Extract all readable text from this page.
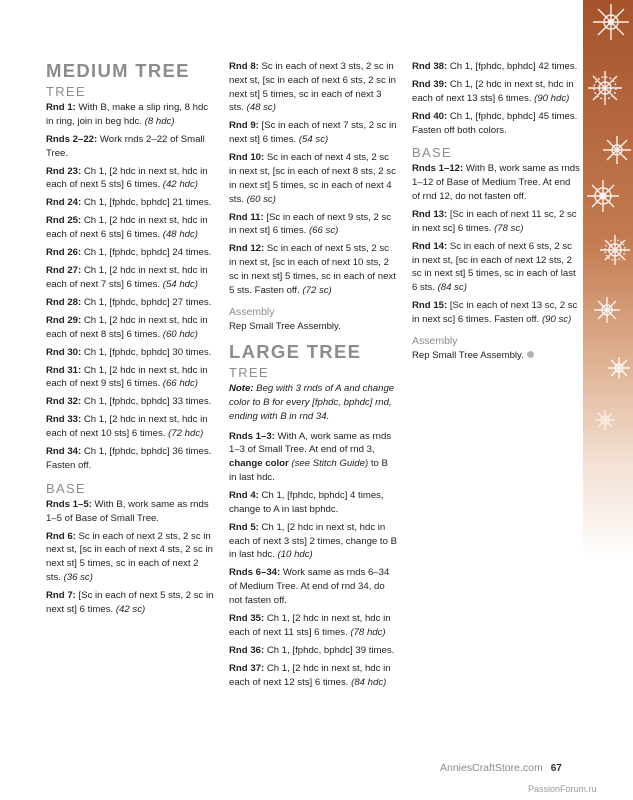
MEDIUM TREE
TREE
Rnd 1: With B, make a slip ring, 8 hdc in ring, join in beg hdc. (8 hdc)
Rnds 2–22: Work rnds 2–22 of Small Tree.
Rnd 23: Ch 1, [2 hdc in next st, hdc in each of next 5 sts] 6 times. (42 hdc)
Rnd 24: Ch 1, [fphdc, bphdc] 21 times.
Rnd 25: Ch 1, [2 hdc in next st, hdc in each of next 6 sts] 6 times. (48 hdc)
Rnd 26: Ch 1, [fphdc, bphdc] 24 times.
Rnd 27: Ch 1, [2 hdc in next st, hdc in each of next 7 sts] 6 times. (54 hdc)
Rnd 28: Ch 1, [fphdc, bphdc] 27 times.
Rnd 29: Ch 1, [2 hdc in next st, hdc in each of next 8 sts] 6 times. (60 hdc)
Rnd 30: Ch 1, [fphdc, bphdc] 30 times.
Rnd 31: Ch 1, [2 hdc in next st, hdc in each of next 9 sts] 6 times. (66 hdc)
Rnd 32: Ch 1, [fphdc, bphdc] 33 times.
Rnd 33: Ch 1, [2 hdc in next st, hdc in each of next 10 sts] 6 times. (72 hdc)
Rnd 34: Ch 1, [fphdc, bphdc] 36 times. Fasten off.
BASE
Rnds 1–5: With B, work same as rnds 1–5 of Base of Small Tree.
Rnd 6: Sc in each of next 2 sts, 2 sc in next st, [sc in each of next 4 sts, 2 sc in next st] 5 times, sc in each of next 2 sts. (36 sc)
Rnd 7: [Sc in each of next 5 sts, 2 sc in next st] 6 times. (42 sc)
Rnd 8: Sc in each of next 3 sts, 2 sc in next st, [sc in each of next 6 sts, 2 sc in next st] 5 times, sc in each of next 3 sts. (48 sc)
Rnd 9: [Sc in each of next 7 sts, 2 sc in next st] 6 times. (54 sc)
Rnd 10: Sc in each of next 4 sts, 2 sc in next st, [sc in each of next 8 sts, 2 sc in next st] 5 times, sc in each of next 4 sts. (60 sc)
Rnd 11: [Sc in each of next 9 sts, 2 sc in next st] 6 times. (66 sc)
Rnd 12: Sc in each of next 5 sts, 2 sc in next st, [sc in each of next 10 sts, 2 sc in next st] 5 times, sc in each of next 5 sts. Fasten off. (72 sc)
Assembly
Rep Small Tree Assembly.
LARGE TREE
TREE
Note: Beg with 3 rnds of A and change color to B for every [fphdc, bphdc] rnd, ending with B in rnd 34.
Rnds 1–3: With A, work same as rnds 1–3 of Small Tree. At end of rnd 3, change color (see Stitch Guide) to B in last hdc.
Rnd 4: Ch 1, [fphdc, bphdc] 4 times, change to A in last bphdc.
Rnd 5: Ch 1, [2 hdc in next st, hdc in each of next 3 sts] 2 times, change to B in last hdc. (10 hdc)
Rnds 6–34: Work same as rnds 6–34 of Medium Tree. At end of rnd 34, do not fasten off.
Rnd 35: Ch 1, [2 hdc in next st, hdc in each of next 11 sts] 6 times. (78 hdc)
Rnd 36: Ch 1, [fphdc, bphdc] 39 times.
Rnd 37: Ch 1, [2 hdc in next st, hdc in each of next 12 sts] 6 times. (84 hdc)
Rnd 38: Ch 1, [fphdc, bphdc] 42 times.
Rnd 39: Ch 1, [2 hdc in next st, hdc in each of next 13 sts] 6 times. (90 hdc)
Rnd 40: Ch 1, [fphdc, bphdc] 45 times. Fasten off both colors.
BASE
Rnds 1–12: With B, work same as rnds 1–12 of Base of Medium Tree. At end of rnd 12, do not fasten off.
Rnd 13: [Sc in each of next 11 sc, 2 sc in next sc] 6 times. (78 sc)
Rnd 14: Sc in each of next 6 sts, 2 sc in next st, [sc in each of next 12 sts, 2 sc in next st] 5 times, sc in each of last 6 sts. (84 sc)
Rnd 15: [Sc in each of next 13 sc, 2 sc in next sc] 6 times. Fasten off. (90 sc)
Assembly
Rep Small Tree Assembly.
AnniesCraftStore.com 67
PassionForum.ru
